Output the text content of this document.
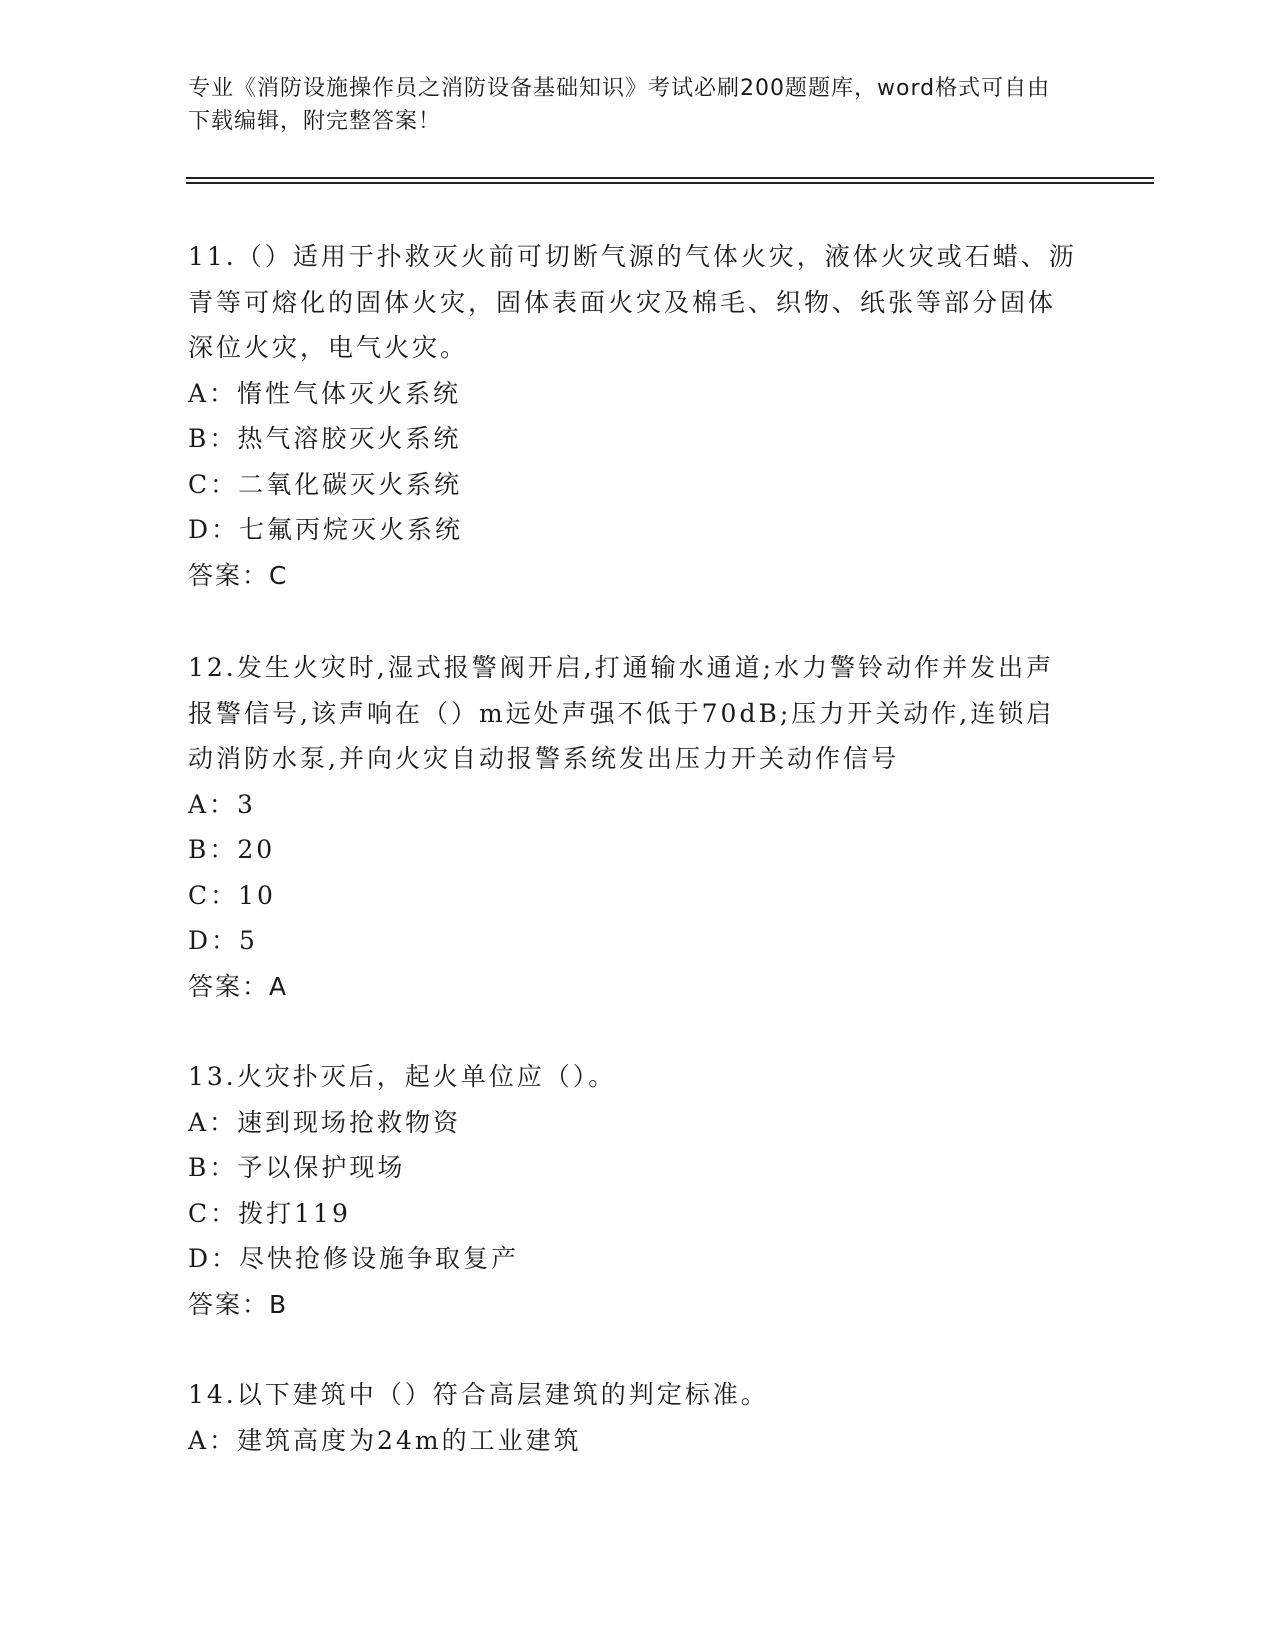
专业《消防设施操作员之消防设备基础知识》考试必刷200题题库，word格式可自由下载编辑，附完整答案！

11.（）适用于扑救灭火前可切断气源的气体火灾，液体火灾或石蜡、沥青等可熔化的固体火灾，固体表面火灾及棉毛、织物、纸张等部分固体深位火灾，电气火灾。

A：惰性气体灭火系统

B：热气溶胶灭火系统

C：二氧化碳灭火系统

D：七氟丙烷灭火系统

答案：C

12.发生火灾时,湿式报警阀开启,打通输水通道;水力警铃动作并发出声报警信号,该声响在（）m远处声强不低于70dB;压力开关动作,连锁启动消防水泵,并向火灾自动报警系统发出压力开关动作信号

A：3

B：20

C：10

D：5

答案：A

13.火灾扑灭后，起火单位应（）。

A：速到现场抢救物资

B：予以保护现场

C：拨打119

D：尽快抢修设施争取复产

答案：B

14.以下建筑中（）符合高层建筑的判定标准。

A：建筑高度为24m的工业建筑
